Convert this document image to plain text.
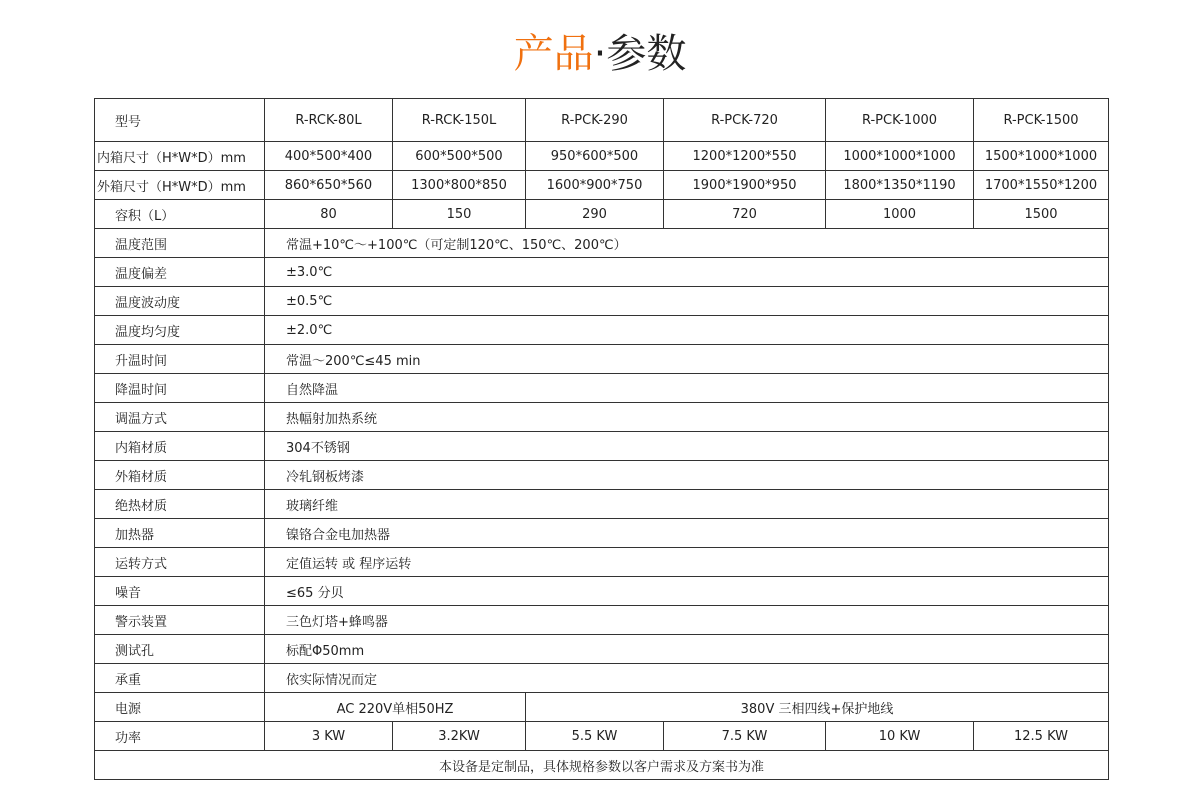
产品·参数
型号	R-RCK-80L	R-RCK-150L	R-PCK-290	R-PCK-720	R-PCK-1000	R-PCK-1500
内箱尺寸（H*W*D）mm	400*500*400	600*500*500	950*600*500	1200*1200*550	1000*1000*1000	1500*1000*1000
外箱尺寸（H*W*D）mm	860*650*560	1300*800*850	1600*900*750	1900*1900*950	1800*1350*1190	1700*1550*1200
容积（L）	80	150	290	720	1000	1500
温度范围	常温+10℃～+100℃（可定制120℃、150℃、200℃）					
温度偏差	±3.0℃					
温度波动度	±0.5℃					
温度均匀度	±2.0℃					
升温时间	常温～200℃≤45 min					
降温时间	自然降温					
调温方式	热幅射加热系统					
内箱材质	304不锈钢					
外箱材质	冷轧钢板烤漆					
绝热材质	玻璃纤维					
加热器	镍铬合金电加热器					
运转方式	定值运转 或 程序运转					
噪音	≤65 分贝					
警示装置	三色灯塔+蜂鸣器					
测试孔	标配Φ50mm					
承重	依实际情况而定					
电源	AC 220V单相50HZ		380V 三相四线+保护地线			
功率	3 KW	3.2KW	5.5 KW	7.5 KW	10 KW	12.5 KW
本设备是定制品，具体规格参数以客户需求及方案书为准						
